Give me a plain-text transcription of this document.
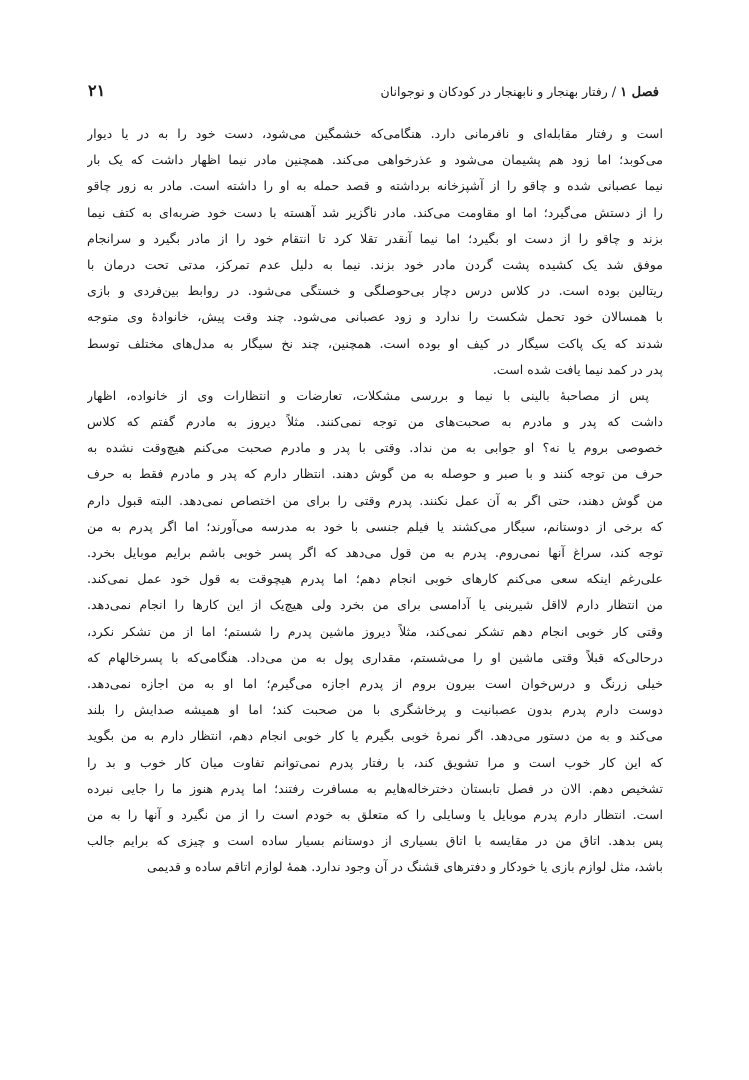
فصل ۱
/
رفتار بهنجار و نابهنجار در کودکان و نوجوانان
۲۱
است و رفتار مقابله‌ای و نافرمانی دارد. هنگامی‌که خشمگین می‌شود، دست خود را به در یا دیوار
می‌کوبد؛ اما زود هم پشیمان می‌شود و عذرخواهی می‌کند. همچنین مادر نیما اظهار داشت که یک بار
نیما عصبانی شده و چاقو را از آشپزخانه برداشته و قصد حمله به او را داشته است. مادر به زور چاقو
را از دستش می‌گیرد؛ اما او مقاومت می‌کند. مادر ناگزیر شد آهسته با دست خود ضربه‌ای به کتف نیما
بزند و چاقو را از دست او بگیرد؛ اما نیما آنقدر تقلا کرد تا انتقام خود را از مادر بگیرد و سرانجام
موفق شد یک کشیده پشت گردن مادر خود بزند. نیما به دلیل عدم تمرکز، مدتی تحت درمان با
ریتالین بوده است. در کلاس درس دچار بی‌حوصلگی و خستگی می‌شود. در روابط بین‌فردی و بازی
با همسالان خود تحمل شکست را ندارد و زود عصبانی می‌شود. چند وقت پیش، خانوادهٔ وی متوجه
شدند که یک پاکت سیگار در کیف او بوده است. همچنین، چند نخ سیگار به مدل‌های مختلف توسط
پدر در کمد نیما یافت شده است.
پس از مصاحبهٔ بالینی با نیما و بررسی مشکلات، تعارضات و انتظارات وی از خانواده، اظهار
داشت که پدر و مادرم به صحبت‌های من توجه نمی‌کنند. مثلاً دیروز به مادرم گفتم که کلاس
خصوصی بروم یا نه؟ او جوابی به من نداد. وقتی با پدر و مادرم صحبت می‌کنم هیچ‌وقت نشده به
حرف من توجه کنند و با صبر و حوصله به من گوش دهند. انتظار دارم که پدر و مادرم فقط به حرف
من گوش دهند، حتی اگر به آن عمل نکنند. پدرم وقتی را برای من اختصاص نمی‌دهد. البته قبول دارم
که برخی از دوستانم، سیگار می‌کشند یا فیلم جنسی با خود به مدرسه می‌آورند؛ اما اگر پدرم به من
توجه کند، سراغ آنها نمی‌روم. پدرم به من قول می‌دهد که اگر پسر خوبی باشم برایم موبایل بخرد.
علی‌رغم اینکه سعی می‌کنم کارهای خوبی انجام دهم؛ اما پدرم هیچوقت به قول خود عمل نمی‌کند.
من انتظار دارم لااقل شیرینی یا آدامسی برای من بخرد ولی هیچ‌یک از این کارها را انجام نمی‌دهد.
وقتی کار خوبی انجام دهم تشکر نمی‌کند، مثلاً دیروز ماشین پدرم را شستم؛ اما از من تشکر نکرد،
درحالی‌که قبلاً وقتی ماشین او را می‌شستم، مقداری پول به من می‌داد. هنگامی‌که با پسرخالهام که
خیلی زرنگ و درس‌خوان است بیرون بروم از پدرم اجازه می‌گیرم؛ اما او به من اجازه نمی‌دهد.
دوست دارم پدرم بدون عصبانیت و پرخاشگری با من صحبت کند؛ اما او همیشه صدایش را بلند
می‌کند و به من دستور می‌دهد. اگر نمرهٔ خوبی بگیرم یا کار خوبی انجام دهم، انتظار دارم به من بگوید
که این کار خوب است و مرا تشویق کند، با رفتار پدرم نمی‌توانم تفاوت میان کار خوب و بد را
تشخیص دهم. الان در فصل تابستان دخترخاله‌هایم به مسافرت رفتند؛ اما پدرم هنوز ما را جایی نبرده
است. انتظار دارم پدرم موبایل یا وسایلی را که متعلق به خودم است را از من نگیرد و آنها را به من
پس بدهد. اتاق من در مقایسه با اتاق بسیاری از دوستانم بسیار ساده است و چیزی که برایم جالب
باشد، مثل لوازم بازی یا خودکار و دفترهای قشنگ در آن وجود ندارد. همهٔ لوازم اتاقم ساده و قدیمی
